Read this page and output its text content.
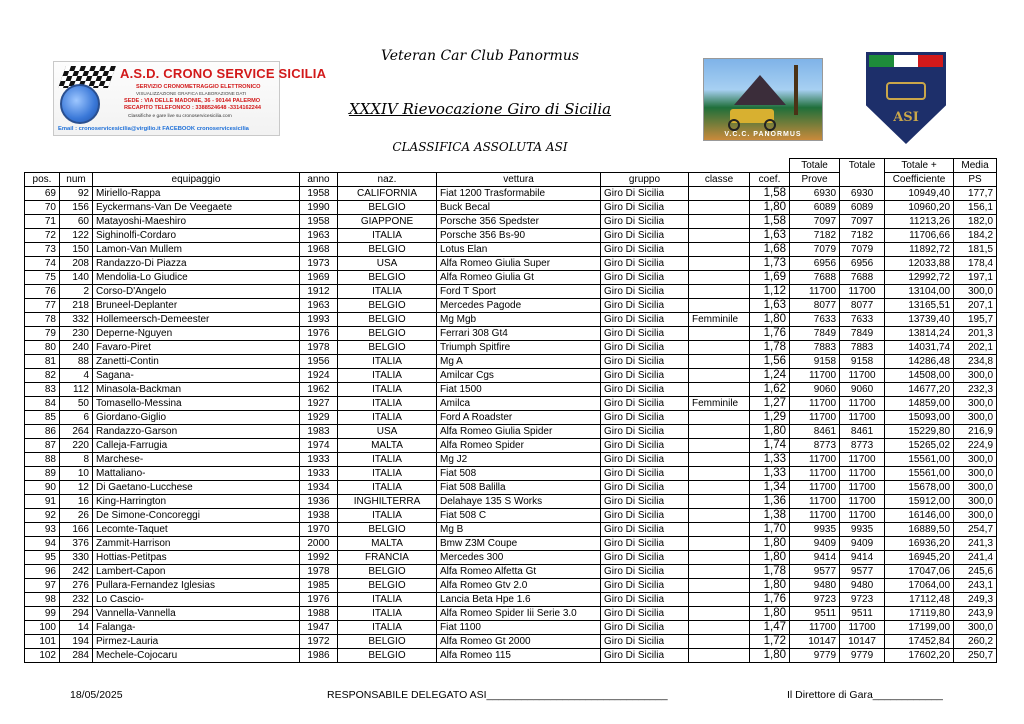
A.S.D. CRONO SERVICE SICILIA
SERVIZIO CRONOMETRAGGIO ELETTRONICO
VISUALIZZAZIONE GRAFICA ELABORAZIONE DATI
SEDE : VIA DELLE MADONIE, 36 - 90144 PALERMO
RECAPITO TELEFONICO : 3388524648 -3314162244
Classifiche e gare live su cronoservicesicilia.com
Email : cronoservicesicilia@virgilio.it FACEBOOK cronoservicesicilia
Veteran Car Club Panormus
XXXIV Rievocazione Giro di Sicilia
CLASSIFICA ASSOLUTA ASI
V.C.C. PANORMUS
ASI
									Totale	Totale	Totale +	Media
pos.	num	equipaggio	anno	naz.	vettura	gruppo	classe	coef.	Prove		Coefficiente	PS
69	92	Miriello-Rappa	1958	CALIFORNIA	Fiat 1200 Trasformabile	Giro Di Sicilia		1,58	6930	6930	10949,40	177,7
70	156	Eyckermans-Van De Veegaete	1990	BELGIO	Buck Becal	Giro Di Sicilia		1,80	6089	6089	10960,20	156,1
71	60	Matayoshi-Maeshiro	1958	GIAPPONE	Porsche 356 Spedster	Giro Di Sicilia		1,58	7097	7097	11213,26	182,0
72	122	Sighinolfi-Cordaro	1963	ITALIA	Porsche 356 Bs-90	Giro Di Sicilia		1,63	7182	7182	11706,66	184,2
73	150	Lamon-Van Mullem	1968	BELGIO	Lotus Elan	Giro Di Sicilia		1,68	7079	7079	11892,72	181,5
74	208	Randazzo-Di Piazza	1973	USA	Alfa Romeo Giulia Super	Giro Di Sicilia		1,73	6956	6956	12033,88	178,4
75	140	Mendolia-Lo Giudice	1969	BELGIO	Alfa Romeo Giulia Gt	Giro Di Sicilia		1,69	7688	7688	12992,72	197,1
76	2	Corso-D'Angelo	1912	ITALIA	Ford T Sport	Giro Di Sicilia		1,12	11700	11700	13104,00	300,0
77	218	Bruneel-Deplanter	1963	BELGIO	Mercedes Pagode	Giro Di Sicilia		1,63	8077	8077	13165,51	207,1
78	332	Hollemeersch-Demeester	1993	BELGIO	Mg Mgb	Giro Di Sicilia	Femminile	1,80	7633	7633	13739,40	195,7
79	230	Deperne-Nguyen	1976	BELGIO	Ferrari 308 Gt4	Giro Di Sicilia		1,76	7849	7849	13814,24	201,3
80	240	Favaro-Piret	1978	BELGIO	Triumph Spitfire	Giro Di Sicilia		1,78	7883	7883	14031,74	202,1
81	88	Zanetti-Contin	1956	ITALIA	Mg A	Giro Di Sicilia		1,56	9158	9158	14286,48	234,8
82	4	Sagana-	1924	ITALIA	Amilcar Cgs	Giro Di Sicilia		1,24	11700	11700	14508,00	300,0
83	112	Minasola-Backman	1962	ITALIA	Fiat 1500	Giro Di Sicilia		1,62	9060	9060	14677,20	232,3
84	50	Tomasello-Messina	1927	ITALIA	Amilca	Giro Di Sicilia	Femminile	1,27	11700	11700	14859,00	300,0
85	6	Giordano-Giglio	1929	ITALIA	Ford A Roadster	Giro Di Sicilia		1,29	11700	11700	15093,00	300,0
86	264	Randazzo-Garson	1983	USA	Alfa Romeo Giulia Spider	Giro Di Sicilia		1,80	8461	8461	15229,80	216,9
87	220	Calleja-Farrugia	1974	MALTA	Alfa Romeo Spider	Giro Di Sicilia		1,74	8773	8773	15265,02	224,9
88	8	Marchese-	1933	ITALIA	Mg J2	Giro Di Sicilia		1,33	11700	11700	15561,00	300,0
89	10	Mattaliano-	1933	ITALIA	Fiat 508	Giro Di Sicilia		1,33	11700	11700	15561,00	300,0
90	12	Di Gaetano-Lucchese	1934	ITALIA	Fiat 508 Balilla	Giro Di Sicilia		1,34	11700	11700	15678,00	300,0
91	16	King-Harrington	1936	INGHILTERRA	Delahaye 135 S Works	Giro Di Sicilia		1,36	11700	11700	15912,00	300,0
92	26	De Simone-Concoreggi	1938	ITALIA	Fiat 508 C	Giro Di Sicilia		1,38	11700	11700	16146,00	300,0
93	166	Lecomte-Taquet	1970	BELGIO	Mg B	Giro Di Sicilia		1,70	9935	9935	16889,50	254,7
94	376	Zammit-Harrison	2000	MALTA	Bmw Z3M Coupe	Giro Di Sicilia		1,80	9409	9409	16936,20	241,3
95	330	Hottias-Petitpas	1992	FRANCIA	Mercedes 300	Giro Di Sicilia		1,80	9414	9414	16945,20	241,4
96	242	Lambert-Capon	1978	BELGIO	Alfa Romeo Alfetta Gt	Giro Di Sicilia		1,78	9577	9577	17047,06	245,6
97	276	Pullara-Fernandez Iglesias	1985	BELGIO	Alfa Romeo Gtv 2.0	Giro Di Sicilia		1,80	9480	9480	17064,00	243,1
98	232	Lo Cascio-	1976	ITALIA	Lancia Beta Hpe 1.6	Giro Di Sicilia		1,76	9723	9723	17112,48	249,3
99	294	Vannella-Vannella	1988	ITALIA	Alfa Romeo Spider Iii Serie 3.0	Giro Di Sicilia		1,80	9511	9511	17119,80	243,9
100	14	Falanga-	1947	ITALIA	Fiat 1100	Giro Di Sicilia		1,47	11700	11700	17199,00	300,0
101	194	Pirmez-Lauria	1972	BELGIO	Alfa Romeo Gt 2000	Giro Di Sicilia		1,72	10147	10147	17452,84	260,2
102	284	Mechele-Cojocaru	1986	BELGIO	Alfa Romeo 115	Giro Di Sicilia		1,80	9779	9779	17602,20	250,7
18/05/2025	RESPONSABILE DELEGATO ASI_______________________________	Il Direttore di Gara____________
